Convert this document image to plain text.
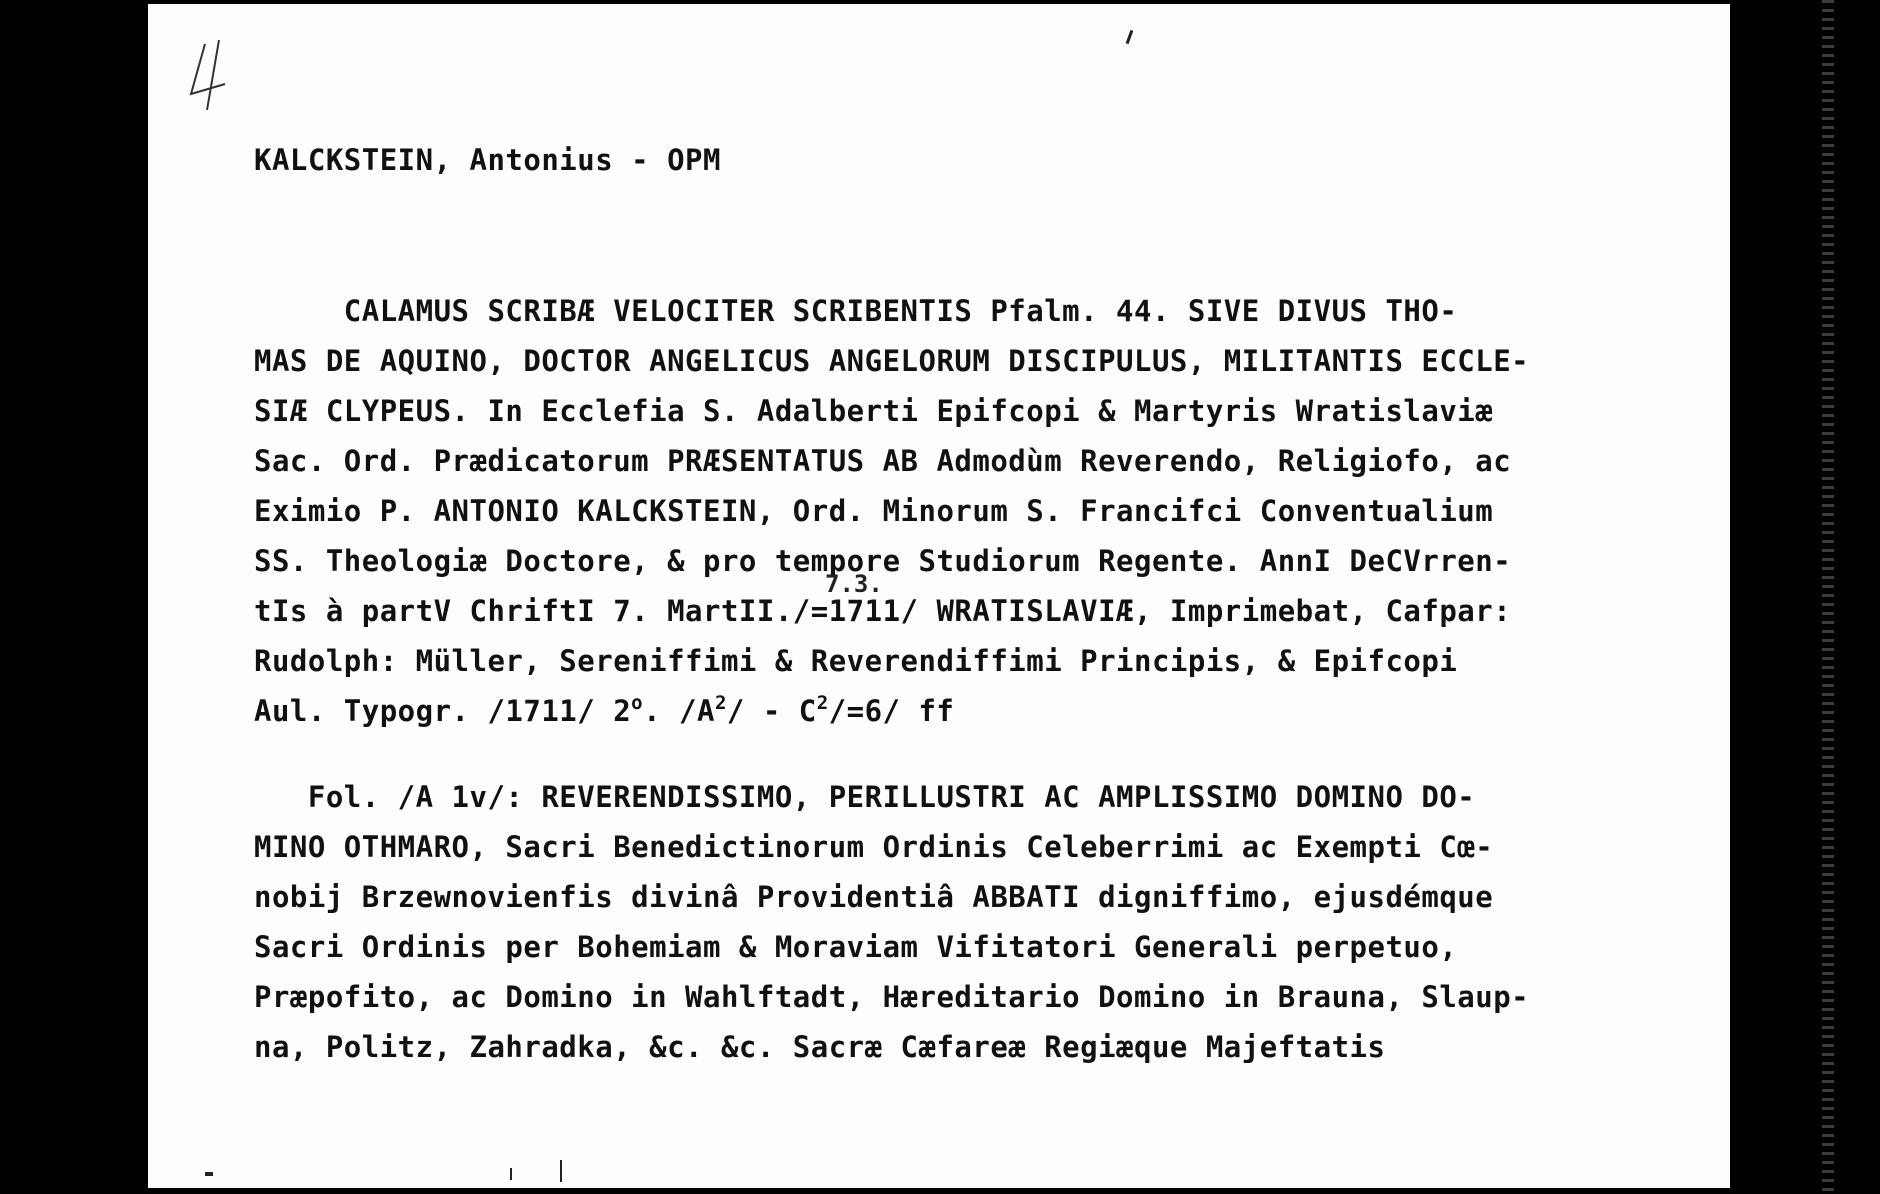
KALCKSTEIN, Antonius - OPM

CALAMUS SCRIBÆ VELOCITER SCRIBENTIS Pfalm. 44. SIVE DIVUS THO-

MAS DE AQUINO, DOCTOR ANGELICUS ANGELORUM DISCIPULUS, MILITANTIS ECCLE-

SIÆ CLYPEUS. In Ecclefia S. Adalberti Epifcopi & Martyris Wratislaviæ

Sac. Ord. Prædicatorum PRÆSENTATUS AB Admodùm Reverendo, Religiofo, ac

Eximio P. ANTONIO KALCKSTEIN, Ord. Minorum S. Francifci Conventualium

SS. Theologiæ Doctore, & pro tempore Studiorum Regente. AnnI DeCVrren-

tIs à partV ChriftI 7. MartII./=1711/ WRATISLAVIÆ, Imprimebat, Cafpar:

Rudolph: Müller, Sereniffimi & Reverendiffimi Principis, & Epifcopi

Aul. Typogr. /1711/ 2$^o$. $/A^2/ - C^2/=6/$ ff

Fol. /A 1v/: REVERENDISSIMO, PERILLUSTRI AC AMPLISSIMO DOMINO DO-

MINO OTHMARO, Sacri Benedictinorum Ordinis Celeberrimi ac Exempti Cœ-

nobij Brzewnovienfis divinâ Providentiâ ABBATI digniffimo, ejusdémque

Sacri Ordinis per Bohemiam & Moraviam Vifitatori Generali perpetuo,

Præpofito, ac Domino in Wahlftadt, Hæreditario Domino in Brauna, Slaup-

na, Politz, Zahradka, &c. &c. Sacræ Cæfareæ Regiæque Majeftatis

7.3.
